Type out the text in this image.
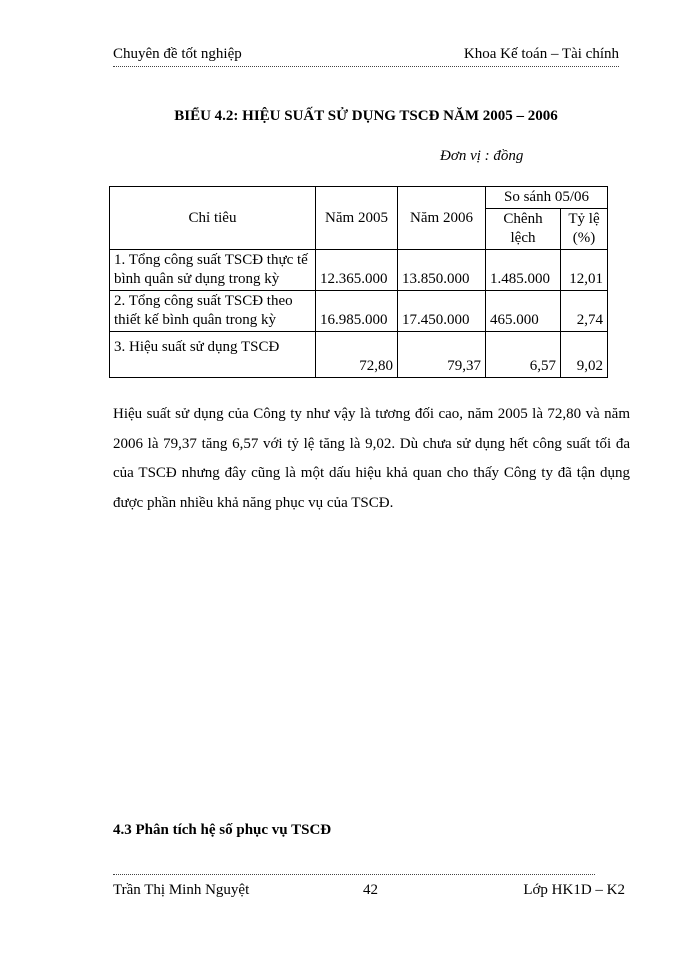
Chuyên đề tốt nghiệp	Khoa Kế toán – Tài chính
BIỂU 4.2: HIỆU SUẤT SỬ DỤNG TSCĐ NĂM 2005 – 2006
Đơn vị : đồng
Chỉ tiêu	Năm 2005	Năm 2006	So sánh 05/06	
			Chênh lệch	Tỷ lệ (%)
1. Tổng công suất TSCĐ thực tế bình quân sử dụng trong kỳ	12.365.000	13.850.000	1.485.000	12,01
2. Tổng công suất TSCĐ theo thiết kế bình quân trong kỳ	16.985.000	17.450.000	465.000	2,74
3. Hiệu suất sử dụng TSCĐ	72,80	79,37	6,57	9,02
Hiệu suất sử dụng của Công ty như vậy là tương đối cao, năm 2005 là 72,80 và năm 2006 là 79,37 tăng 6,57 với tỷ lệ tăng là 9,02. Dù chưa sử dụng hết công suất tối đa của TSCĐ nhưng đây cũng là một dấu hiệu khả quan cho thấy Công ty đã tận dụng được phần nhiều khả năng phục vụ của TSCĐ.
4.3 Phân tích hệ số phục vụ TSCĐ
Trần Thị Minh Nguyệt	42	Lớp HK1D – K2
